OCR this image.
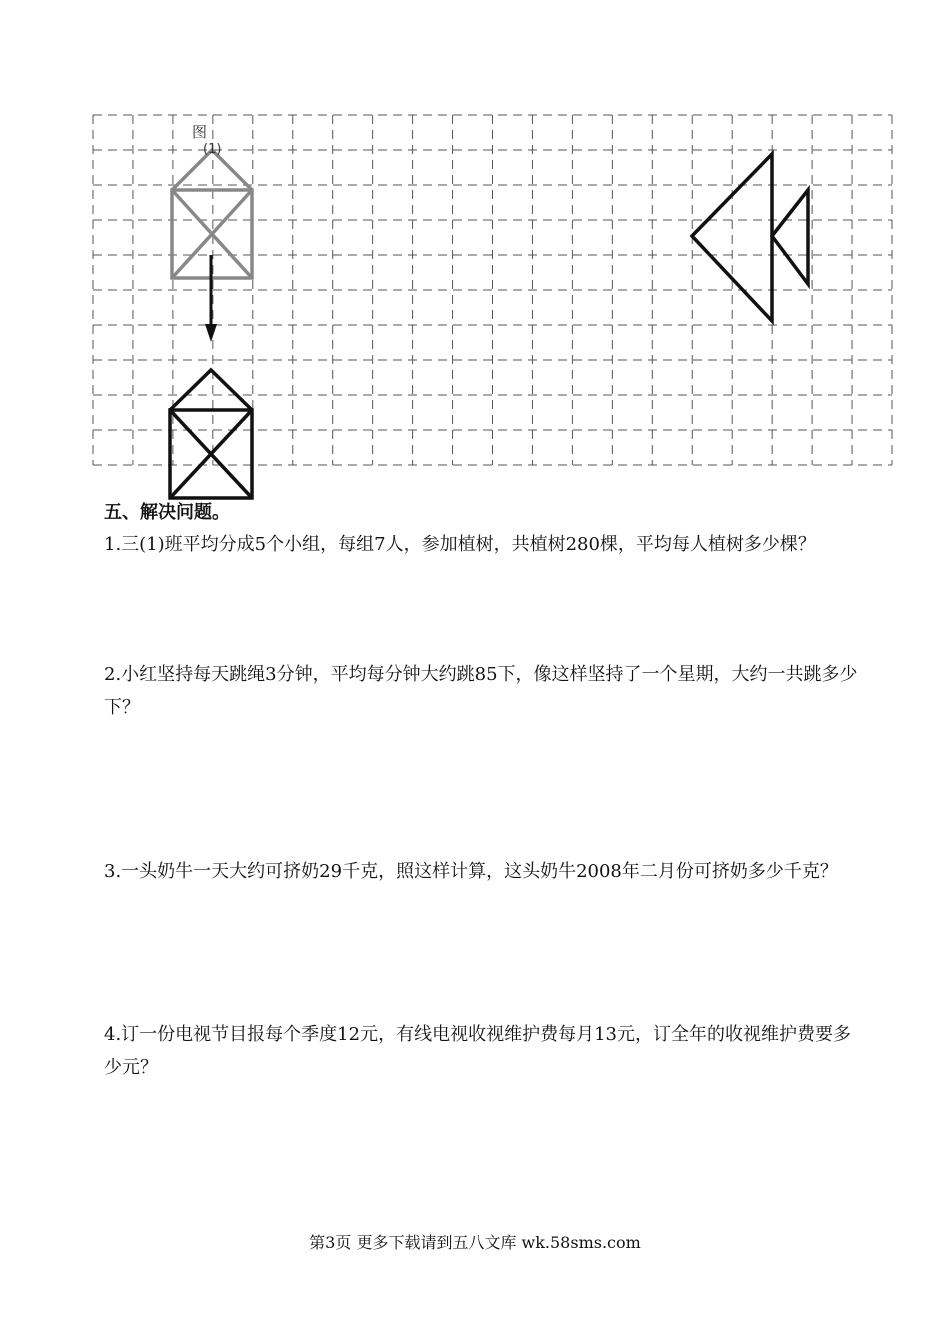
图
(1)
五、解决问题。

1.三(1)班平均分成5个小组，每组7人，参加植树，共植树280棵，平均每人植树多少棵？

2.小红坚持每天跳绳3分钟，平均每分钟大约跳85下，像这样坚持了一个星期，大约一共跳多少下？

3.一头奶牛一天大约可挤奶29千克，照这样计算，这头奶牛2008年二月份可挤奶多少千克？

4.订一份电视节目报每个季度12元，有线电视收视维护费每月13元，订全年的收视维护费要多少元？

第3页 更多下载请到五八文库 wk.58sms.com
